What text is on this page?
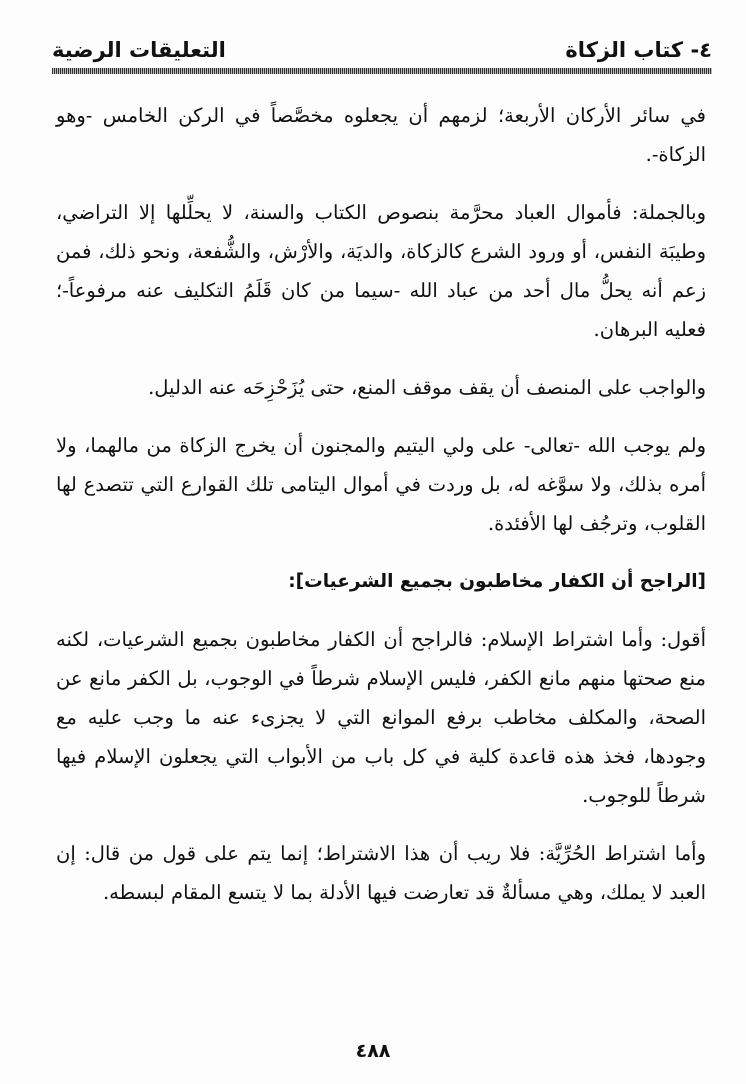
٤- كتاب الزكاة
التعليقات الرضية

في سائر الأركان الأربعة؛ لزمهم أن يجعلوه مخصَّصاً في الركن الخامس -وهو الزكاة-.

وبالجملة: فأموال العباد محرَّمة بنصوص الكتاب والسنة، لا يحلِّلها إلا التراضي، وطيبَة النفس، أو ورود الشرع كالزكاة، والديَة، والأرْش، والشُّفعة، ونحو ذلك، فمن زعم أنه يحلُّ مال أحد من عباد الله -سيما من كان قَلَمُ التكليف عنه مرفوعاً-؛ فعليه البرهان.

والواجب على المنصف أن يقف موقف المنع، حتى يُزَحْزِحَه عنه الدليل.

ولم يوجب الله -تعالى- على ولي اليتيم والمجنون أن يخرج الزكاة من مالهما، ولا أمره بذلك، ولا سوَّغه له، بل وردت في أموال اليتامى تلك القوارع التي تتصدع لها القلوب، وترجُف لها الأفئدة.

[الراجح أن الكفار مخاطبون بجميع الشرعيات]:

أقول: وأما اشتراط الإسلام: فالراجح أن الكفار مخاطبون بجميع الشرعيات، لكنه منع صحتها منهم مانع الكفر، فليس الإسلام شرطاً في الوجوب، بل الكفر مانع عن الصحة، والمكلف مخاطب برفع الموانع التي لا يجزىء عنه ما وجب عليه مع وجودها، فخذ هذه قاعدة كلية في كل باب من الأبواب التي يجعلون الإسلام فيها شرطاً للوجوب.

وأما اشتراط الحُرِّيَّة: فلا ريب أن هذا الاشتراط؛ إنما يتم على قول من قال: إن العبد لا يملك، وهي مسألةٌ قد تعارضت فيها الأدلة بما لا يتسع المقام لبسطه.

٤٨٨
